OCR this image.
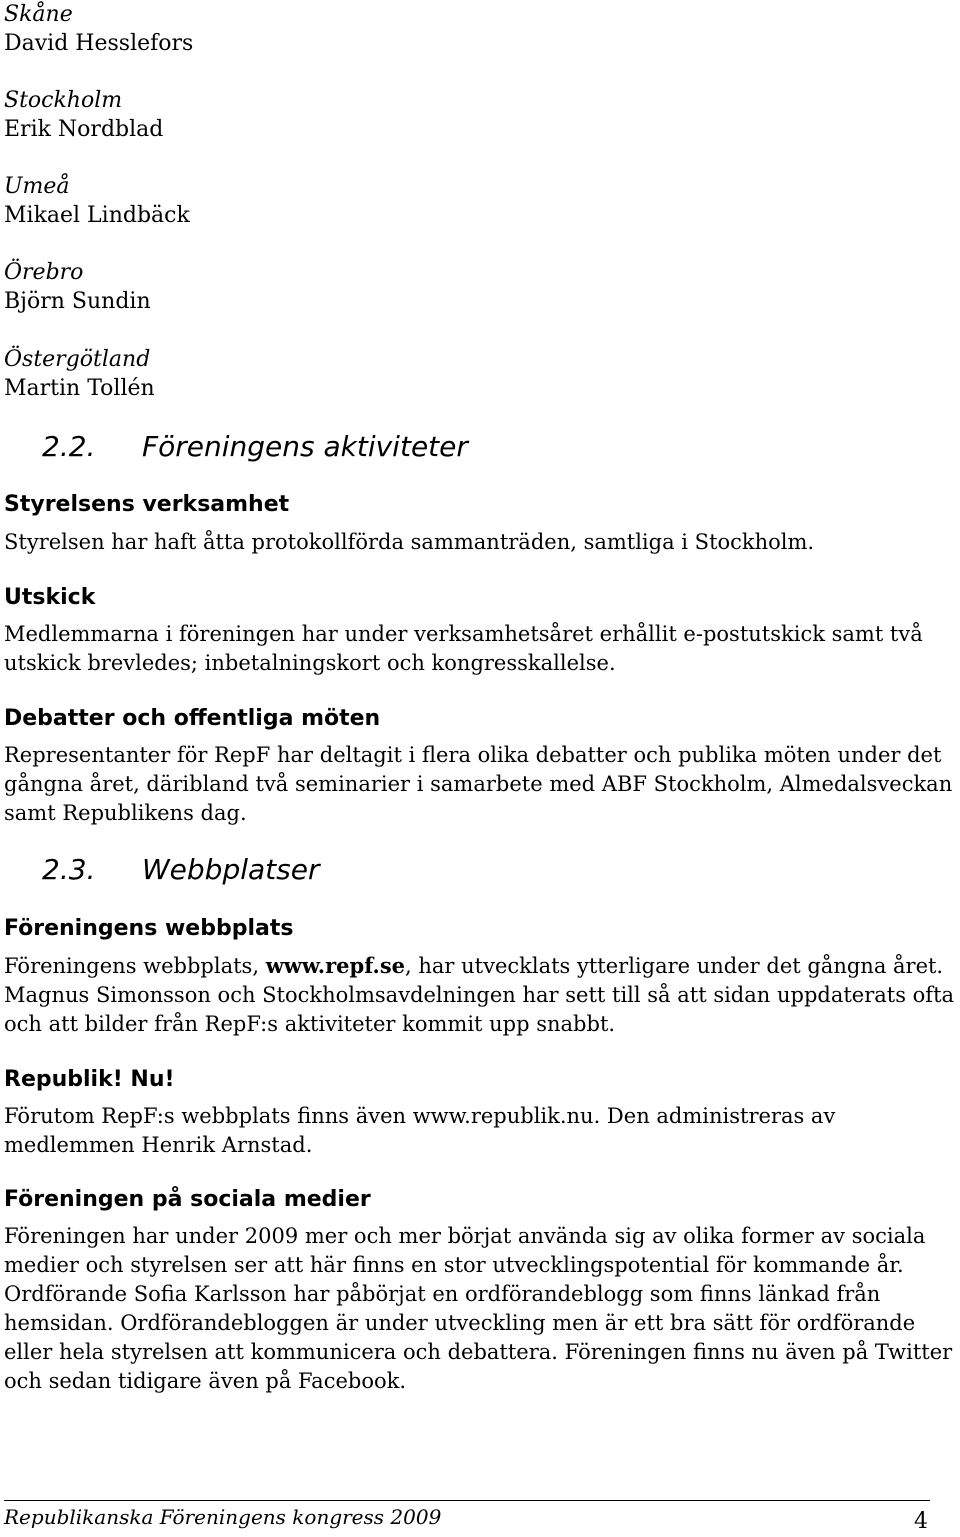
Skåne
David Hesslefors
Stockholm
Erik Nordblad
Umeå
Mikael Lindbäck
Örebro
Björn Sundin
Östergötland
Martin Tollén
2.2. Föreningens aktiviteter
Styrelsens verksamhet

Styrelsen har haft åtta protokollförda sammanträden, samtliga i Stockholm.

Utskick

Medlemmarna i föreningen har under verksamhetsåret erhållit e-postutskick samt två utskick brevledes; inbetalningskort och kongresskallelse.

Debatter och offentliga möten

Representanter för RepF har deltagit i flera olika debatter och publika möten under det gångna året, däribland två seminarier i samarbete med ABF Stockholm, Almedalsveckan samt Republikens dag.

2.3. Webbplatser
Föreningens webbplats

Föreningens webbplats, www.repf.se, har utvecklats ytterligare under det gångna året. Magnus Simonsson och Stockholmsavdelningen har sett till så att sidan uppdaterats ofta och att bilder från RepF:s aktiviteter kommit upp snabbt.

Republik! Nu!

Förutom RepF:s webbplats finns även www.republik.nu. Den administreras av medlemmen Henrik Arnstad.

Föreningen på sociala medier

Föreningen har under 2009 mer och mer börjat använda sig av olika former av sociala medier och styrelsen ser att här finns en stor utvecklingspotential för kommande år. Ordförande Sofia Karlsson har påbörjat en ordförandeblogg som finns länkad från hemsidan. Ordförandebloggen är under utveckling men är ett bra sätt för ordförande eller hela styrelsen att kommunicera och debattera. Föreningen finns nu även på Twitter och sedan tidigare även på Facebook.

Republikanska Föreningens kongress 2009	4
